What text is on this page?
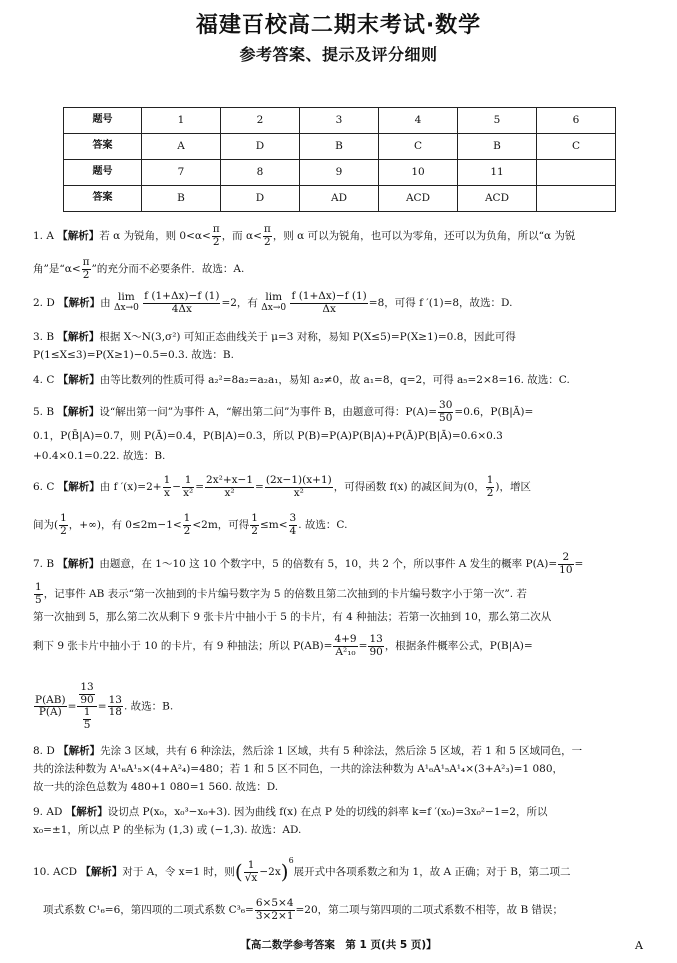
福建百校高二期末考试·数学
参考答案、提示及评分细则
题号	1	2	3	4	5	6
答案	A	D	B	C	B	C
题号	7	8	9	10	11	
答案	B	D	AD	ACD	ACD	
1. A 【解析】若 α 为锐角，则 $0<\alpha< \frac{\pi}{2}$ ，而 $\alpha< \frac{\pi}{2}$ ，则 α 可以为锐角，也可以为零角，还可以为负角，所以“α 为锐
角”是“$\alpha< \frac{\pi}{2}$ ”的充分而不必要条件．故选：A.
2. D 【解析】由 lim
Δx→0
$\frac{f (1+\Delta x)-f (1)}{4\Delta x} =2$，有 lim
Δx→0
$\frac{f (1+\Delta x)-f (1)}{\Delta x} =8$，可得 f ′(1)=8，故选：D.
3. B 【解析】根据 X～N(3,σ²) 可知正态曲线关于 μ=3 对称，易知 P(X≤5)=P(X≥1)=0.8，因此可得
P(1≤X≤3)=P(X≥1)−0.5=0.3. 故选：B.
4. C 【解析】由等比数列的性质可得 a₂²=8a₂=a₂a₁，易知 a₂≠0，故 a₁=8，q=2，可得 a₅=2×8=16. 故选：C.
5. B 【解析】设“解出第一问”为事件 A，“解出第二问”为事件 B，由题意可得：$P(A)= \frac{30}{50} =0.6$，P(B|Ā)=
0.1，P(B̄|A)=0.7，则 P(Ā)=0.4，P(B|A)=0.3，所以 P(B)=P(A)P(B|A)+P(Ā)P(B|Ā)=0.6×0.3
+0.4×0.1=0.22. 故选：B.
6. C 【解析】由 f $'(x)=2+ \frac{1}{x} - \frac{1}{\text{x²}} = \frac{\text{2x²+x−1}}{\text{x²}} = \frac{(2x-1)(x+1)}{\text{x²}}$ ，可得函数 f(x) 的减区间为(0， $\frac{1}{2}$ )，增区
间为( $\frac{1}{2}$ ，+∞)，有 $0\le 2m-1< \frac{1}{2} <2m$，可得 $\frac{1}{2} \le m< \frac{3}{4}$ . 故选：C.
7. B 【解析】由题意，在 1～10 这 10 个数字中，5 的倍数有 5，10，共 2 个，所以事件 A 发生的概率 $P(A)= \frac{2}{10}$ =
$\frac{1}{5}$ ，记事件 AB 表示“第一次抽到的卡片编号数字为 5 的倍数且第二次抽到的卡片编号数字小于第一次”. 若
第一次抽到 5，那么第二次从剩下 9 张卡片中抽小于 5 的卡片，有 4 种抽法；若第一次抽到 10，那么第二次从
剩下 9 张卡片中抽小于 10 的卡片，有 9 种抽法；所以 $P(AB)= \frac{4+9}{\text{A²₁₀}} = \frac{13}{90}$ ，根据条件概率公式，P(B|A)=
$\frac{P(AB)}{P(A)} = \frac{\frac{13}{90}}{\frac{1}{5}} = \frac{13}{18}$ . 故选：B.
8. D 【解析】先涂 3 区域，共有 6 种涂法，然后涂 1 区域，共有 5 种涂法，然后涂 5 区域，若 1 和 5 区域同色，一
共的涂法种数为 A¹₆A¹₅×(4+A²₄)=480；若 1 和 5 区不同色，一共的涂法种数为 A¹₆A¹₅A¹₄×(3+A²₃)=1 080，
故一共的涂色总数为 480+1 080=1 560. 故选：D.
9. AD 【解析】设切点 P(x₀，x₀³−x₀+3). 因为曲线 f(x) 在点 P 处的切线的斜率 k=f ′(x₀)=3x₀²−1=2，所以
x₀=±1，所以点 P 的坐标为 (1,3) 或 (−1,3). 故选：AD.
10. ACD 【解析】对于 A，令 x=1 时，则( $\frac{1}{√x} -2x)^6$展开式中各项系数之和为 1，故 A 正确；对于 B，第二项二
项式系数 C¹₆=6，第四项的二项式系数 $C^3_6= \frac{6\times 5\times 4}{3\times 2\times 1} =20$，第二项与第四项的二项式系数不相等，故 B 错误；
【高二数学参考答案　第 1 页(共 5 页)】	A
